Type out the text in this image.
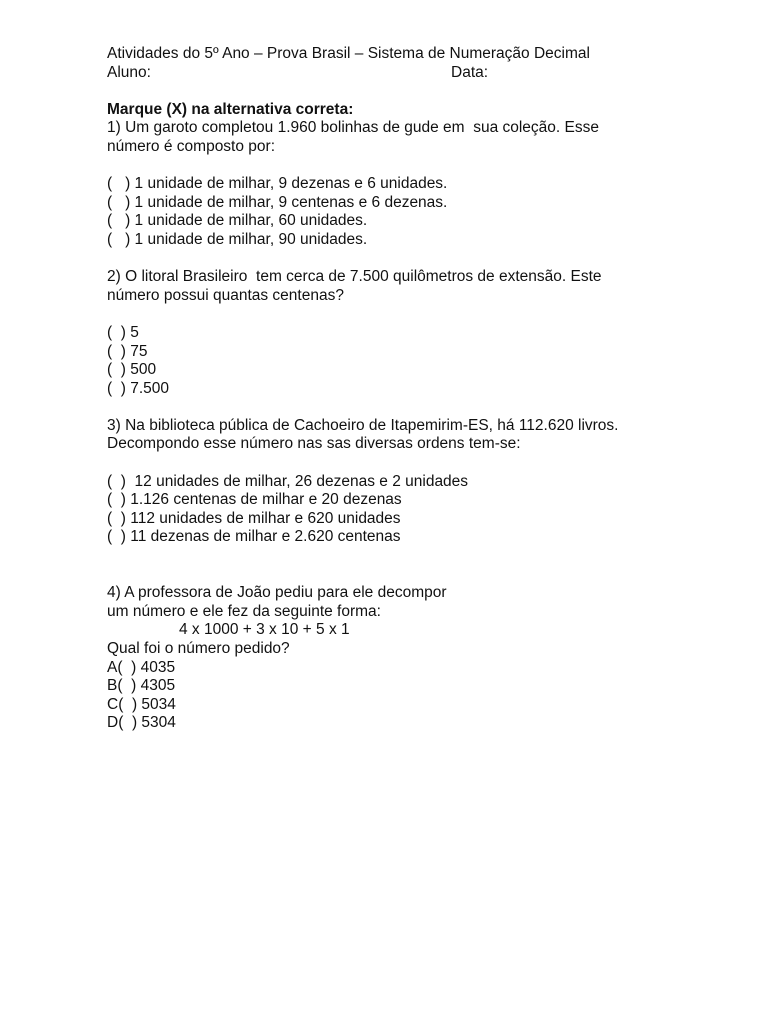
Atividades do 5º Ano – Prova Brasil – Sistema de Numeração Decimal
Aluno:	Data:
Marque (X) na alternativa correta:
1) Um garoto completou 1.960 bolinhas de gude em  sua coleção. Esse
número é composto por:
(   ) 1 unidade de milhar, 9 dezenas e 6 unidades.
(   ) 1 unidade de milhar, 9 centenas e 6 dezenas.
(   ) 1 unidade de milhar, 60 unidades.
(   ) 1 unidade de milhar, 90 unidades.
2) O litoral Brasileiro  tem cerca de 7.500 quilômetros de extensão. Este
número possui quantas centenas?
(  ) 5
(  ) 75
(  ) 500
(  ) 7.500
3) Na biblioteca pública de Cachoeiro de Itapemirim-ES, há 112.620 livros.
Decompondo esse número nas sas diversas ordens tem-se:
(  )  12 unidades de milhar, 26 dezenas e 2 unidades
(  ) 1.126 centenas de milhar e 20 dezenas
(  ) 112 unidades de milhar e 620 unidades
(  ) 11 dezenas de milhar e 2.620 centenas
4) A professora de João pediu para ele decompor
um número e ele fez da seguinte forma:
4 x 1000 + 3 x 10 + 5 x 1
Qual foi o número pedido?
A(  ) 4035
B(  ) 4305
C(  ) 5034
D(  ) 5304
